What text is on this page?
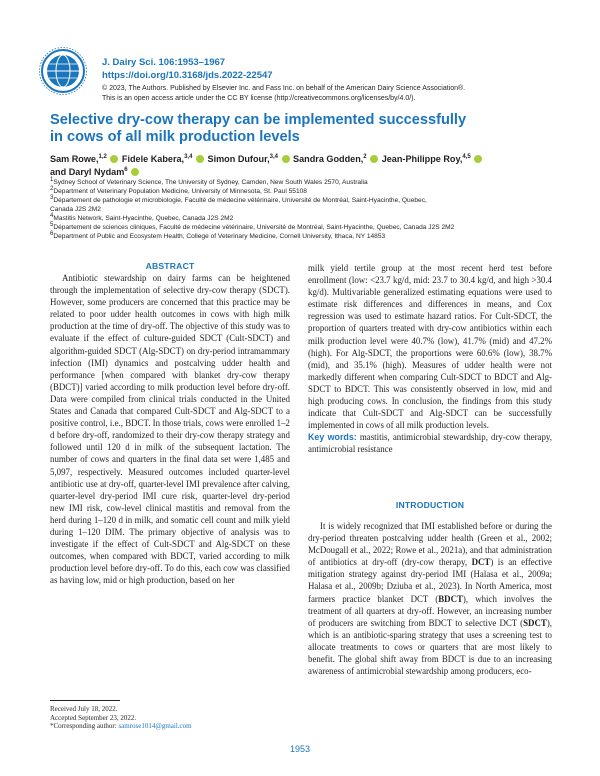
J. Dairy Sci. 106:1953–1967
https://doi.org/10.3168/jds.2022-22547
© 2023, The Authors. Published by Elsevier Inc. and Fass Inc. on behalf of the American Dairy Science Association®.
This is an open access article under the CC BY license (http://creativecommons.org/licenses/by/4.0/).
Selective dry-cow therapy can be implemented successfully
in cows of all milk production levels
Sam Rowe,$^{1,2}$ Fidele Kabera,$^{3,4}$ Simon Dufour,$^{3,4}$ Sandra Godden,$^2$ Jean-Philippe Roy,$^{4,5}$
and Daryl Nydam$^6$
$^1$Sydney School of Veterinary Science, The University of Sydney, Camden, New South Wales 2570, Australia
$^2$Department of Veterinary Population Medicine, University of Minnesota, St. Paul 55108
$^3$Département de pathologie et microbiologie, Faculté de médecine vétérinaire, Université de Montréal, Saint-Hyacinthe, Quebec,
Canada J2S 2M2
$^4$Mastitis Network, Saint-Hyacinthe, Quebec, Canada J2S 2M2
$^5$Département de sciences cliniques, Faculté de médecine vétérinaire, Université de Montréal, Saint-Hyacinthe, Quebec, Canada J2S 2M2
$^6$Department of Public and Ecosystem Health, College of Veterinary Medicine, Cornell University, Ithaca, NY 14853
ABSTRACT

Antibiotic stewardship on dairy farms can be heightened through the implementation of selective dry-cow therapy (SDCT). However, some producers are concerned that this practice may be related to poor udder health outcomes in cows with high milk production at the time of dry-off. The objective of this study was to evaluate if the effect of culture-guided SDCT (Cult-SDCT) and algorithm-guided SDCT (Alg-SDCT) on dry-period intramammary infection (IMI) dynamics and postcalving udder health and performance [when compared with blanket dry-cow therapy (BDCT)] varied according to milk production level before dry-off. Data were compiled from clinical trials conducted in the United States and Canada that compared Cult-SDCT and Alg-SDCT to a positive control, i.e., BDCT. In those trials, cows were enrolled 1–2 d before dry-off, randomized to their dry-cow therapy strategy and followed until 120 d in milk of the subsequent lactation. The number of cows and quarters in the final data set were 1,485 and 5,097, respectively. Measured outcomes included quarter-level antibiotic use at dry-off, quarter-level IMI prevalence after calving, quarter-level dry-period IMI cure risk, quarter-level dry-period new IMI risk, cow-level clinical mastitis and removal from the herd during 1–120 d in milk, and somatic cell count and milk yield during 1–120 DIM. The primary objective of analysis was to investigate if the effect of Cult-SDCT and Alg-SDCT on these outcomes, when compared with BDCT, varied according to milk production level before dry-off. To do this, each cow was classified as having low, mid or high production, based on her

milk yield tertile group at the most recent herd test before enrollment (low: <23.7 kg/d, mid: 23.7 to 30.4 kg/d, and high >30.4 kg/d). Multivariable generalized estimating equations were used to estimate risk differences and differences in means, and Cox regression was used to estimate hazard ratios. For Cult-SDCT, the proportion of quarters treated with dry-cow antibiotics within each milk production level were 40.7% (low), 41.7% (mid) and 47.2% (high). For Alg-SDCT, the proportions were 60.6% (low), 38.7% (mid), and 35.1% (high). Measures of udder health were not markedly different when comparing Cult-SDCT to BDCT and Alg-SDCT to BDCT. This was consistently observed in low, mid and high producing cows. In conclusion, the findings from this study indicate that Cult-SDCT and Alg-SDCT can be successfully implemented in cows of all milk production levels.

Key words: mastitis, antimicrobial stewardship, dry-cow therapy, antimicrobial resistance

INTRODUCTION

It is widely recognized that IMI established before or during the dry-period threaten postcalving udder health (Green et al., 2002; McDougall et al., 2022; Rowe et al., 2021a), and that administration of antibiotics at dry-off (dry-cow therapy, DCT) is an effective mitigation strategy against dry-period IMI (Halasa et al., 2009a; Halasa et al., 2009b; Dziuba et al., 2023). In North America, most farmers practice blanket DCT (BDCT), which involves the treatment of all quarters at dry-off. However, an increasing number of producers are switching from BDCT to selective DCT (SDCT), which is an antibiotic-sparing strategy that uses a screening test to allocate treatments to cows or quarters that are most likely to benefit. The global shift away from BDCT is due to an increasing awareness of antimicrobial stewardship among producers, eco-

Received July 18, 2022.
Accepted September 23, 2022.
*Corresponding author: samrose1014@gmail.com
1953
